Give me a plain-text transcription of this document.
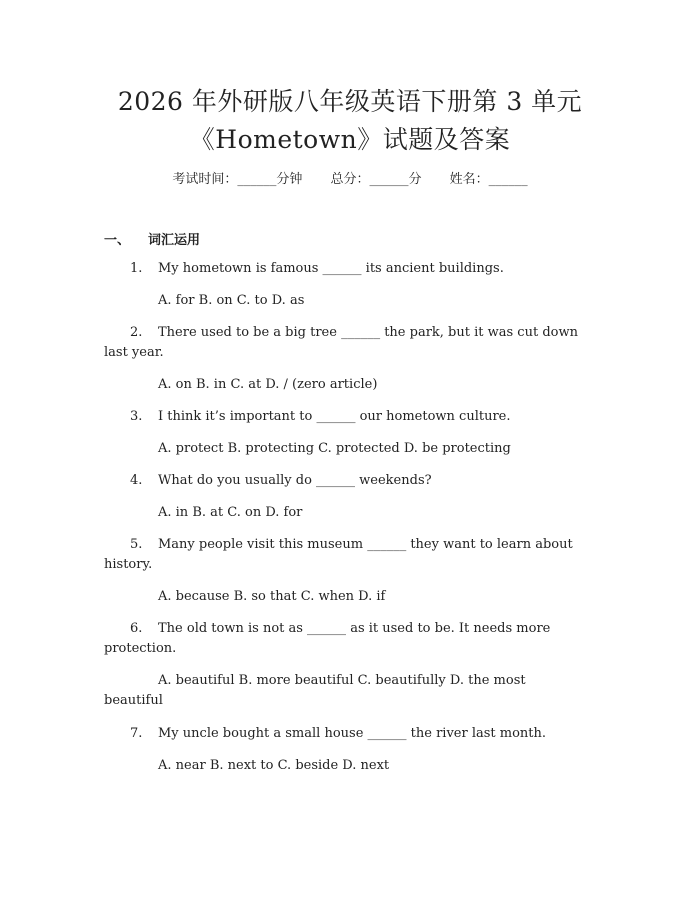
2026 年外研版八年级英语下册第 3 单元
《Hometown》试题及答案
考试时间：______分钟 总分：______分 姓名：______
一、 词汇运用
1. My hometown is famous ______ its ancient buildings.
A. for B. on C. to D. as
2. There used to be a big tree ______ the park, but it was cut down last year.
A. on B. in C. at D. / (zero article)
3. I think it’s important to ______ our hometown culture.
A. protect B. protecting C. protected D. be protecting
4. What do you usually do ______ weekends?
A. in B. at C. on D. for
5. Many people visit this museum ______ they want to learn about history.
A. because B. so that C. when D. if
6. The old town is not as ______ as it used to be. It needs more protection.
A. beautiful B. more beautiful C. beautifully D. the most beautiful
7. My uncle bought a small house ______ the river last month.
A. near B. next to C. beside D. next
